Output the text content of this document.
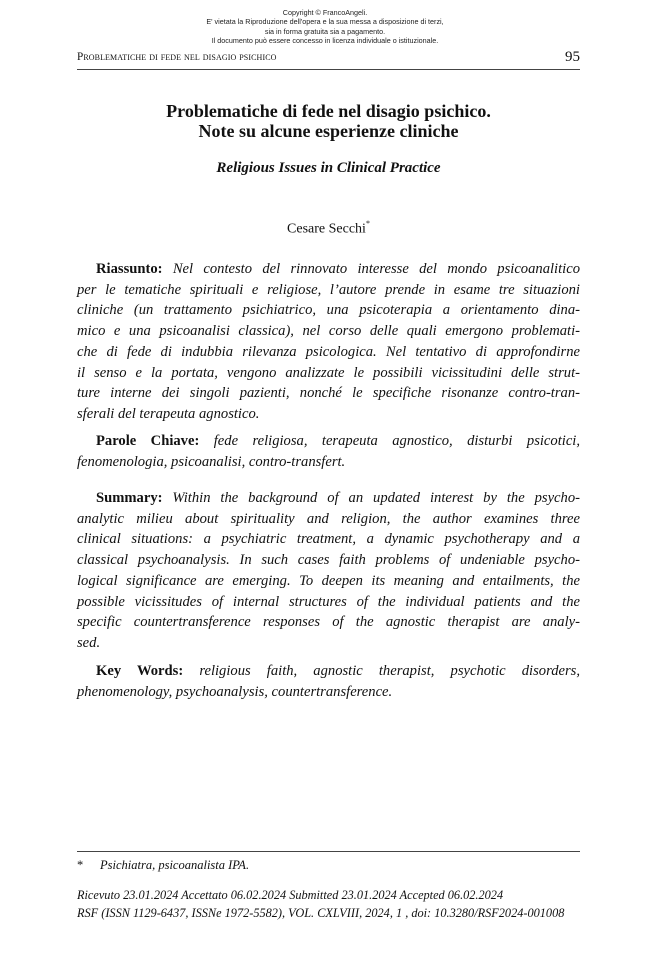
Copyright © FrancoAngeli.
E' vietata la Riproduzione dell'opera e la sua messa a disposizione di terzi,
sia in forma gratuita sia a pagamento.
Il documento può essere concesso in licenza individuale o istituzionale.
Problematiche di fede nel disagio psichico	95
Problematiche di fede nel disagio psichico.
Note su alcune esperienze cliniche
Religious Issues in Clinical Practice
Cesare Secchi*
Riassunto: Nel contesto del rinnovato interesse del mondo psicoanalitico
per le tematiche spirituali e religiose, l’autore prende in esame tre situazioni
cliniche (un trattamento psichiatrico, una psicoterapia a orientamento dina-
mico e una psicoanalisi classica), nel corso delle quali emergono problemati-
che di fede di indubbia rilevanza psicologica. Nel tentativo di approfondirne
il senso e la portata, vengono analizzate le possibili vicissitudini delle strut-
ture interne dei singoli pazienti, nonché le specifiche risonanze contro-tran-
sferali del terapeuta agnostico.
Parole Chiave: fede religiosa, terapeuta agnostico, disturbi psicotici,
fenomenologia, psicoanalisi, contro-transfert.
Summary: Within the background of an updated interest by the psycho-
analytic milieu about spirituality and religion, the author examines three
clinical situations: a psychiatric treatment, a dynamic psychotherapy and a
classical psychoanalysis. In such cases faith problems of undeniable psycho-
logical significance are emerging. To deepen its meaning and entailments, the
possible vicissitudes of internal structures of the individual patients and the
specific countertransference responses of the agnostic therapist are analy-
sed.
Key Words: religious faith, agnostic therapist, psychotic disorders,
phenomenology, psychoanalysis, countertransference.
* Psichiatra, psicoanalista IPA.
Ricevuto 23.01.2024 Accettato 06.02.2024 Submitted 23.01.2024 Accepted 06.02.2024
RSF (ISSN 1129-6437, ISSNe 1972-5582), VOL. CXLVIII, 2024, 1 , doi: 10.3280/RSF2024-001008
